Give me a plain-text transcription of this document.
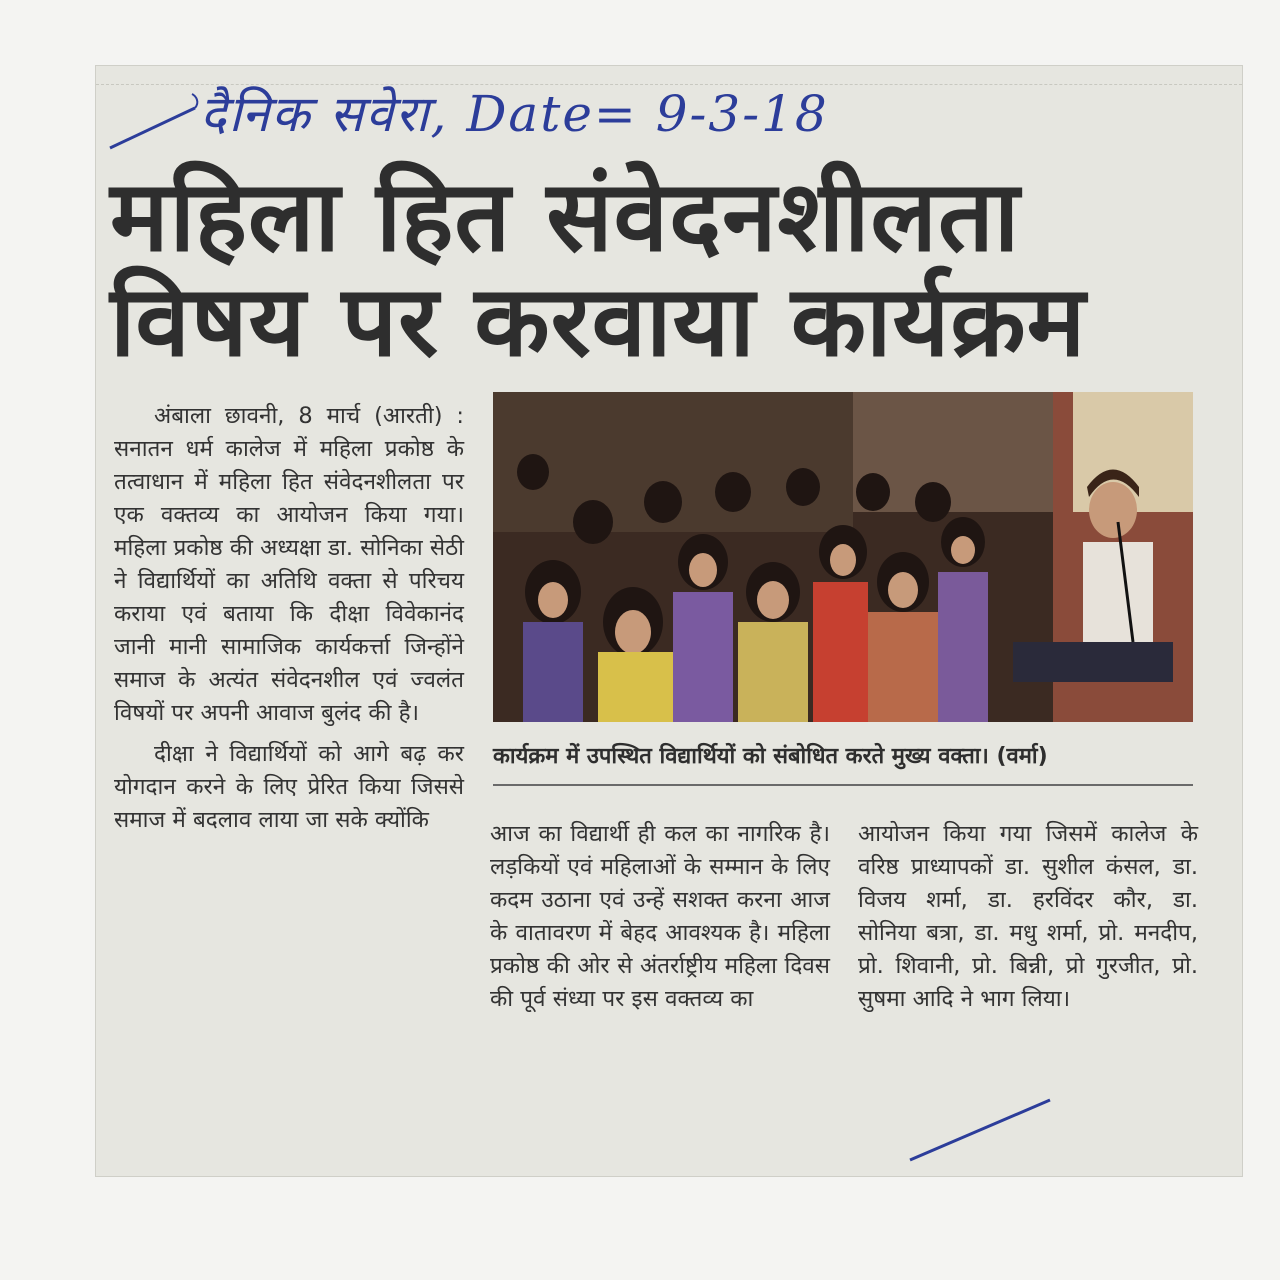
दैनिक सवेरा, Date= 9-3-18
महिला हित संवेदनशीलता
विषय पर करवाया कार्यक्रम

अंबाला छावनी, 8 मार्च (आरती) : सनातन धर्म कालेज में महिला प्रकोष्ठ के तत्वाधान में महिला हित संवेदनशीलता पर एक वक्तव्य का आयोजन किया गया। महिला प्रकोष्ठ की अध्यक्षा डा. सोनिका सेठी ने विद्यार्थियों का अतिथि वक्ता से परिचय कराया एवं बताया कि दीक्षा विवेकानंद जानी मानी सामाजिक कार्यकर्त्ता जिन्होंने समाज के अत्यंत संवेदनशील एवं ज्वलंत विषयों पर अपनी आवाज बुलंद की है।

दीक्षा ने विद्यार्थियों को आगे बढ़ कर योगदान करने के लिए प्रेरित किया जिससे समाज में बदलाव लाया जा सके क्योंकि

कार्यक्रम में उपस्थित विद्यार्थियों को संबोधित करते मुख्य वक्ता। (वर्मा)

आज का विद्यार्थी ही कल का नागरिक है। लड़कियों एवं महिलाओं के सम्मान के लिए कदम उठाना एवं उन्हें सशक्त करना आज के वातावरण में बेहद आवश्यक है। महिला प्रकोष्ठ की ओर से अंतर्राष्ट्रीय महिला दिवस की पूर्व संध्या पर इस वक्तव्य का

आयोजन किया गया जिसमें कालेज के वरिष्ठ प्राध्यापकों डा. सुशील कंसल, डा. विजय शर्मा, डा. हरविंदर कौर, डा. सोनिया बत्रा, डा. मधु शर्मा, प्रो. मनदीप, प्रो. शिवानी, प्रो. बिन्नी, प्रो गुरजीत, प्रो. सुषमा आदि ने भाग लिया।
